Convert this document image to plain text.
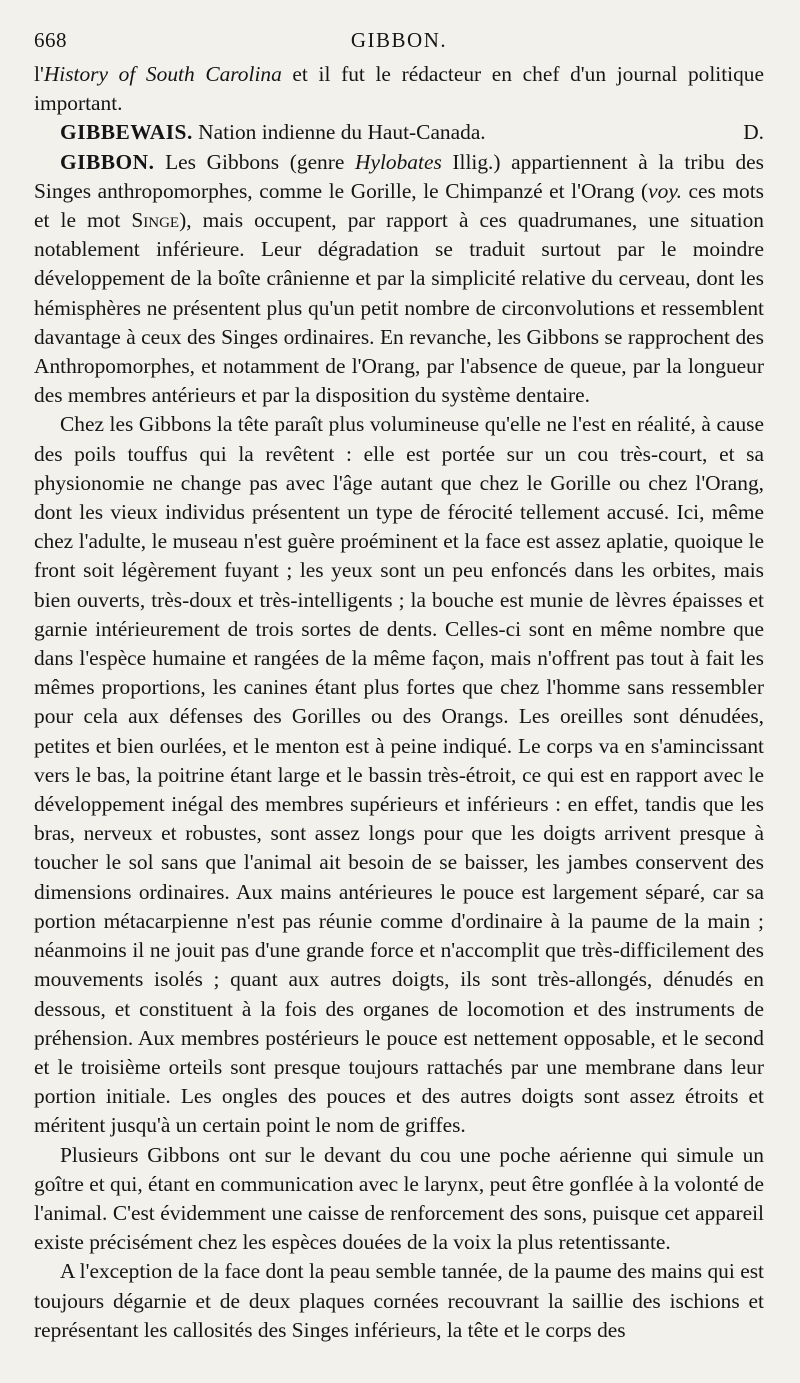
668	GIBBON.

l'History of South Carolina et il fut le rédacteur en chef d'un journal politique important.

GIBBEWAIS. Nation indienne du Haut-Canada.	D.

GIBBON. Les Gibbons (genre Hylobates Illig.) appartiennent à la tribu des Singes anthropomorphes, comme le Gorille, le Chimpanzé et l'Orang (voy. ces mots et le mot Singe), mais occupent, par rapport à ces quadrumanes, une situation notablement inférieure. Leur dégradation se traduit surtout par le moindre développement de la boîte crânienne et par la simplicité relative du cerveau, dont les hémisphères ne présentent plus qu'un petit nombre de circonvolutions et ressemblent davantage à ceux des Singes ordinaires. En revanche, les Gibbons se rapprochent des Anthropomorphes, et notamment de l'Orang, par l'absence de queue, par la longueur des membres antérieurs et par la disposition du système dentaire.

Chez les Gibbons la tête paraît plus volumineuse qu'elle ne l'est en réalité, à cause des poils touffus qui la revêtent : elle est portée sur un cou très-court, et sa physionomie ne change pas avec l'âge autant que chez le Gorille ou chez l'Orang, dont les vieux individus présentent un type de férocité tellement accusé. Ici, même chez l'adulte, le museau n'est guère proéminent et la face est assez aplatie, quoique le front soit légèrement fuyant ; les yeux sont un peu enfoncés dans les orbites, mais bien ouverts, très-doux et très-intelligents ; la bouche est munie de lèvres épaisses et garnie intérieurement de trois sortes de dents. Celles-ci sont en même nombre que dans l'espèce humaine et rangées de la même façon, mais n'offrent pas tout à fait les mêmes proportions, les canines étant plus fortes que chez l'homme sans ressembler pour cela aux défenses des Gorilles ou des Orangs. Les oreilles sont dénudées, petites et bien ourlées, et le menton est à peine indiqué. Le corps va en s'amincissant vers le bas, la poitrine étant large et le bassin très-étroit, ce qui est en rapport avec le développement inégal des membres supérieurs et inférieurs : en effet, tandis que les bras, nerveux et robustes, sont assez longs pour que les doigts arrivent presque à toucher le sol sans que l'animal ait besoin de se baisser, les jambes conservent des dimensions ordinaires. Aux mains antérieures le pouce est largement séparé, car sa portion métacarpienne n'est pas réunie comme d'ordinaire à la paume de la main ; néanmoins il ne jouit pas d'une grande force et n'accomplit que très-difficilement des mouvements isolés ; quant aux autres doigts, ils sont très-allongés, dénudés en dessous, et constituent à la fois des organes de locomotion et des instruments de préhension. Aux membres postérieurs le pouce est nettement opposable, et le second et le troisième orteils sont presque toujours rattachés par une membrane dans leur portion initiale. Les ongles des pouces et des autres doigts sont assez étroits et méritent jusqu'à un certain point le nom de griffes.

Plusieurs Gibbons ont sur le devant du cou une poche aérienne qui simule un goître et qui, étant en communication avec le larynx, peut être gonflée à la volonté de l'animal. C'est évidemment une caisse de renforcement des sons, puisque cet appareil existe précisément chez les espèces douées de la voix la plus retentissante.

A l'exception de la face dont la peau semble tannée, de la paume des mains qui est toujours dégarnie et de deux plaques cornées recouvrant la saillie des ischions et représentant les callosités des Singes inférieurs, la tête et le corps des
